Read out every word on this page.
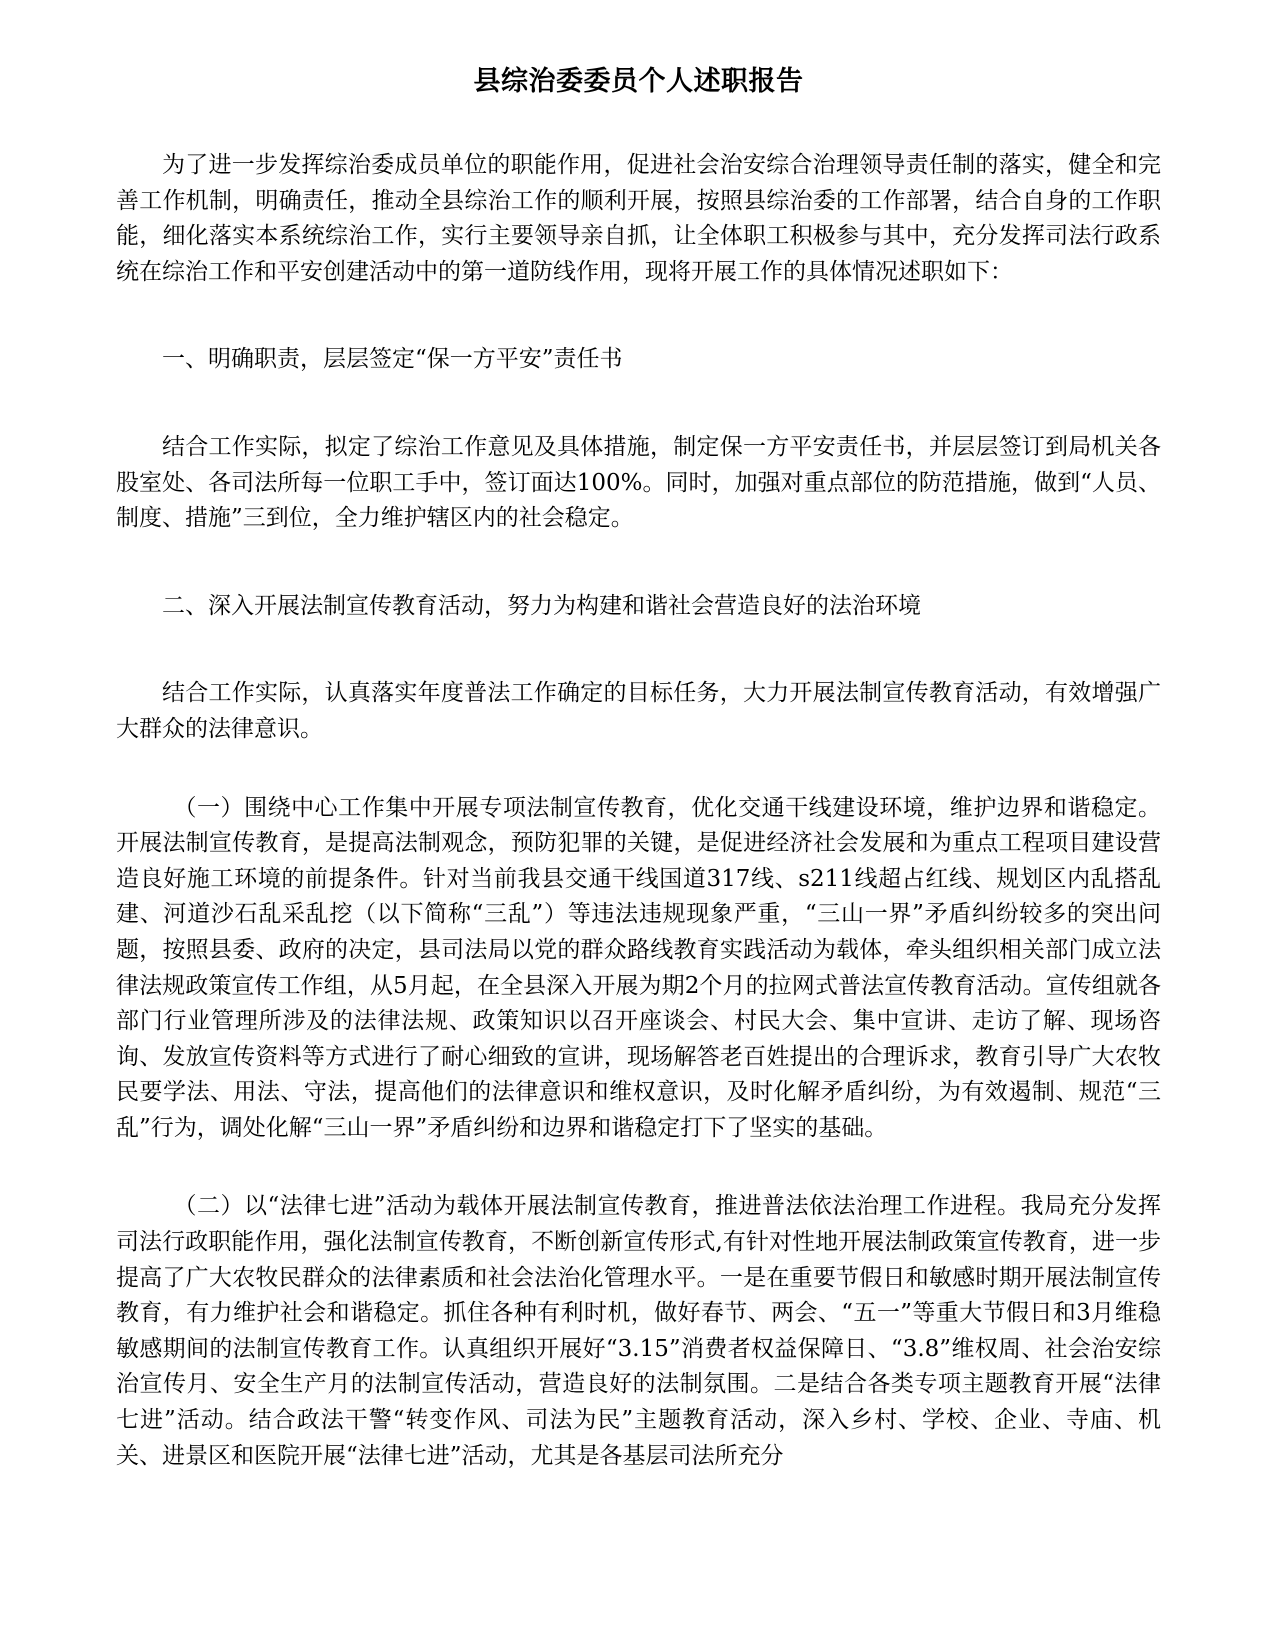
县综治委委员个人述职报告

为了进一步发挥综治委成员单位的职能作用，促进社会治安综合治理领导责任制的落实，健全和完善工作机制，明确责任，推动全县综治工作的顺利开展，按照县综治委的工作部署，结合自身的工作职能，细化落实本系统综治工作，实行主要领导亲自抓，让全体职工积极参与其中，充分发挥司法行政系统在综治工作和平安创建活动中的第一道防线作用，现将开展工作的具体情况述职如下：

一、明确职责，层层签定“保一方平安”责任书

结合工作实际，拟定了综治工作意见及具体措施，制定保一方平安责任书，并层层签订到局机关各股室处、各司法所每一位职工手中，签订面达100%。同时，加强对重点部位的防范措施，做到“人员、制度、措施”三到位，全力维护辖区内的社会稳定。

二、深入开展法制宣传教育活动，努力为构建和谐社会营造良好的法治环境

结合工作实际，认真落实年度普法工作确定的目标任务，大力开展法制宣传教育活动，有效增强广大群众的法律意识。

（一）围绕中心工作集中开展专项法制宣传教育，优化交通干线建设环境，维护边界和谐稳定。开展法制宣传教育，是提高法制观念，预防犯罪的关键，是促进经济社会发展和为重点工程项目建设营造良好施工环境的前提条件。针对当前我县交通干线国道317线、s211线超占红线、规划区内乱搭乱建、河道沙石乱采乱挖（以下简称“三乱”）等违法违规现象严重，“三山一界”矛盾纠纷较多的突出问题，按照县委、政府的决定，县司法局以党的群众路线教育实践活动为载体，牵头组织相关部门成立法律法规政策宣传工作组，从5月起，在全县深入开展为期2个月的拉网式普法宣传教育活动。宣传组就各部门行业管理所涉及的法律法规、政策知识以召开座谈会、村民大会、集中宣讲、走访了解、现场咨询、发放宣传资料等方式进行了耐心细致的宣讲，现场解答老百姓提出的合理诉求，教育引导广大农牧民要学法、用法、守法，提高他们的法律意识和维权意识，及时化解矛盾纠纷，为有效遏制、规范“三乱”行为，调处化解“三山一界”矛盾纠纷和边界和谐稳定打下了坚实的基础。

（二）以“法律七进”活动为载体开展法制宣传教育，推进普法依法治理工作进程。我局充分发挥司法行政职能作用，强化法制宣传教育，不断创新宣传形式,有针对性地开展法制政策宣传教育，进一步提高了广大农牧民群众的法律素质和社会法治化管理水平。一是在重要节假日和敏感时期开展法制宣传教育，有力维护社会和谐稳定。抓住各种有利时机，做好春节、两会、“五一”等重大节假日和3月维稳敏感期间的法制宣传教育工作。认真组织开展好“3.15”消费者权益保障日、“3.8”维权周、社会治安综治宣传月、安全生产月的法制宣传活动，营造良好的法制氛围。二是结合各类专项主题教育开展“法律七进”活动。结合政法干警“转变作风、司法为民”主题教育活动，深入乡村、学校、企业、寺庙、机关、进景区和医院开展“法律七进”活动，尤其是各基层司法所充分
